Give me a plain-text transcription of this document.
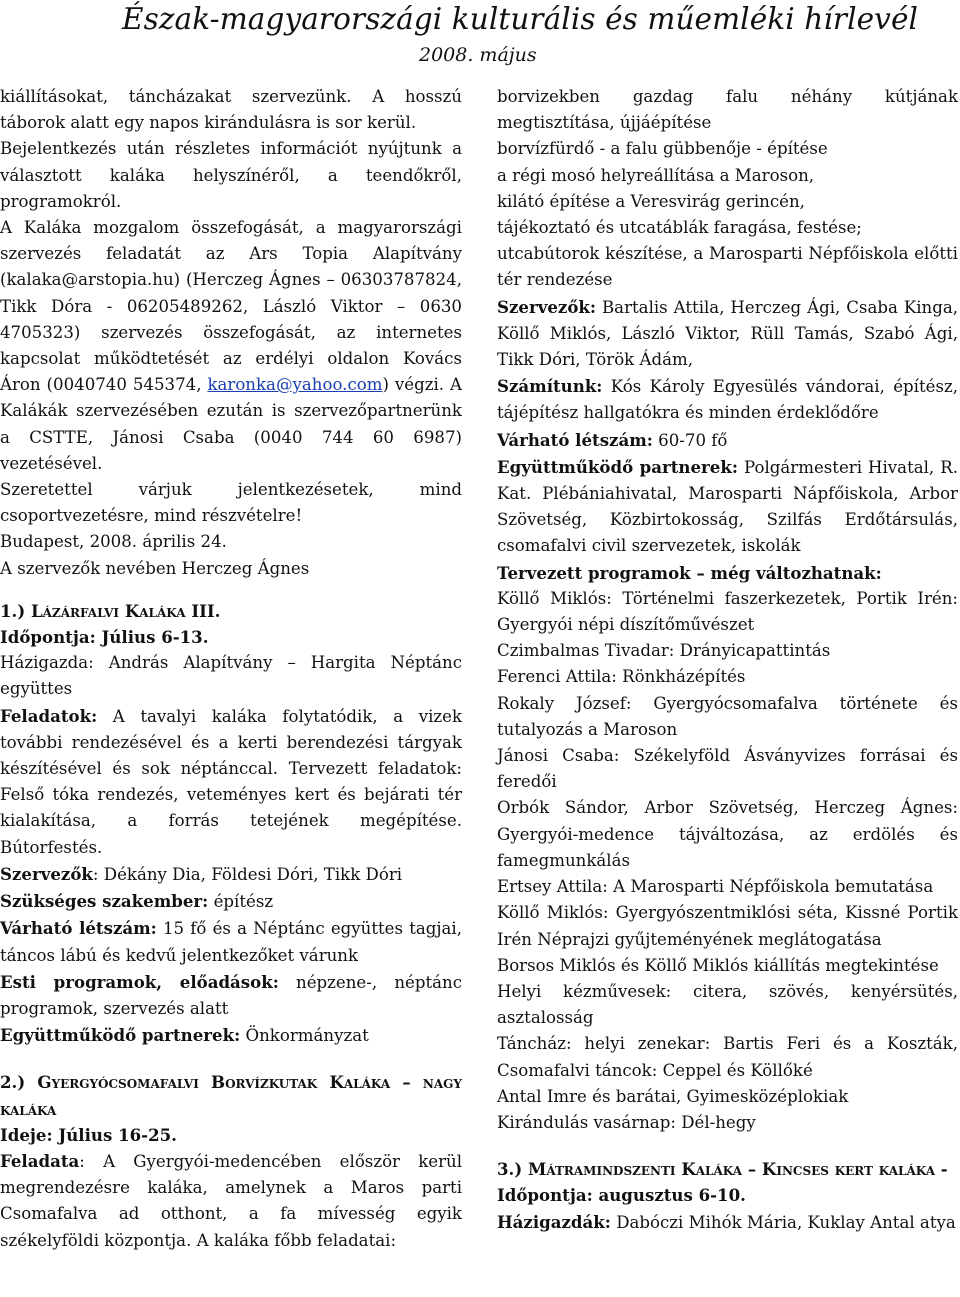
Észak-magyarországi kulturális és műemléki hírlevél
2008. május

kiállításokat, táncházakat szervezünk. A hosszú táborok alatt egy napos kirándulásra is sor kerül.

Bejelentkezés után részletes információt nyújtunk a választott kaláka helyszínéről, a teendőkről, programokról.

A Kaláka mozgalom összefogását, a magyarországi szervezés feladatát az Ars Topia Alapítvány (kalaka@arstopia.hu) (Herczeg Ágnes – 06303787824, Tikk Dóra - 06205489262, László Viktor – 0630 4705323) szervezés összefogását, az internetes kapcsolat működtetését az erdélyi oldalon Kovács Áron (0040740 545374, karonka@yahoo.com) végzi. A Kalákák szervezésében ezután is szervezőpartnerünk a CSTTE, Jánosi Csaba (0040 744 60 6987) vezetésével.

Szeretettel várjuk jelentkezésetek, mind csoportvezetésre, mind részvételre!

Budapest, 2008. április 24.

A szervezők nevében Herczeg Ágnes

1.) Lázárfalvi Kaláka III.

Időpontja: Július 6-13.

Házigazda: András Alapítvány – Hargita Néptánc együttes

Feladatok: A tavalyi kaláka folytatódik, a vizek további rendezésével és a kerti berendezési tárgyak készítésével és sok néptánccal. Tervezett feladatok: Felső tóka rendezés, veteményes kert és bejárati tér kialakítása, a forrás tetejének megépítése. Bútorfestés.

Szervezők: Dékány Dia, Földesi Dóri, Tikk Dóri

Szükséges szakember: építész

Várható létszám: 15 fő és a Néptánc együttes tagjai, táncos lábú és kedvű jelentkezőket várunk

Esti programok, előadások: népzene-, néptánc programok, szervezés alatt

Együttműködő partnerek: Önkormányzat

2.) Gyergyócsomafalvi Borvízkutak Kaláka – nagy kaláka

Ideje: Július 16-25.

Feladata: A Gyergyói-medencében először kerül megrendezésre kaláka, amelynek a Maros parti Csomafalva ad otthont, a fa mívesség egyik székelyföldi központja. A kaláka főbb feladatai:

borvizekben gazdag falu néhány kútjának megtisztítása, újjáépítése

borvízfürdő - a falu gübbenője - építése

a régi mosó helyreállítása a Maroson,

kilátó építése a Veresvirág gerincén,

tájékoztató és utcatáblák faragása, festése;

utcabútorok készítése, a Marosparti Népfőiskola előtti tér rendezése

Szervezők: Bartalis Attila, Herczeg Ági, Csaba Kinga, Köllő Miklós, László Viktor, Rüll Tamás, Szabó Ági, Tikk Dóri, Török Ádám,

Számítunk: Kós Károly Egyesülés vándorai, építész, tájépítész hallgatókra és minden érdeklődőre

Várható létszám: 60-70 fő

Együttműködő partnerek: Polgármesteri Hivatal, R. Kat. Plébániahivatal, Marosparti Nápfőiskola, Arbor Szövetség, Közbirtokosság, Szilfás Erdőtársulás, csomafalvi civil szervezetek, iskolák

Tervezett programok – még változhatnak:

Köllő Miklós: Történelmi faszerkezetek, Portik Irén: Gyergyói népi díszítőművészet

Czimbalmas Tivadar: Drányicapattintás

Ferenci Attila: Rönkházépítés

Rokaly József: Gyergyócsomafalva története és tutalyozás a Maroson

Jánosi Csaba: Székelyföld Ásványvizes forrásai és feredői

Orbók Sándor, Arbor Szövetség, Herczeg Ágnes: Gyergyói-medence tájváltozása, az erdölés és famegmunkálás

Ertsey Attila: A Marosparti Népfőiskola bemutatása

Köllő Miklós: Gyergyószentmiklósi séta, Kissné Portik Irén Néprajzi gyűjteményének meglátogatása

Borsos Miklós és Köllő Miklós kiállítás megtekintése

Helyi kézművesek: citera, szövés, kenyérsütés, asztalosság

Táncház: helyi zenekar: Bartis Feri és a Koszták, Csomafalvi táncok: Ceppel és Köllőké

Antal Imre és barátai, Gyimesközéplokiak

Kirándulás vasárnap: Dél-hegy

3.) Mátramindszenti Kaláka – Kincses kert kaláka -

Időpontja: augusztus 6-10.

Házigazdák: Dabóczi Mihók Mária, Kuklay Antal atya
